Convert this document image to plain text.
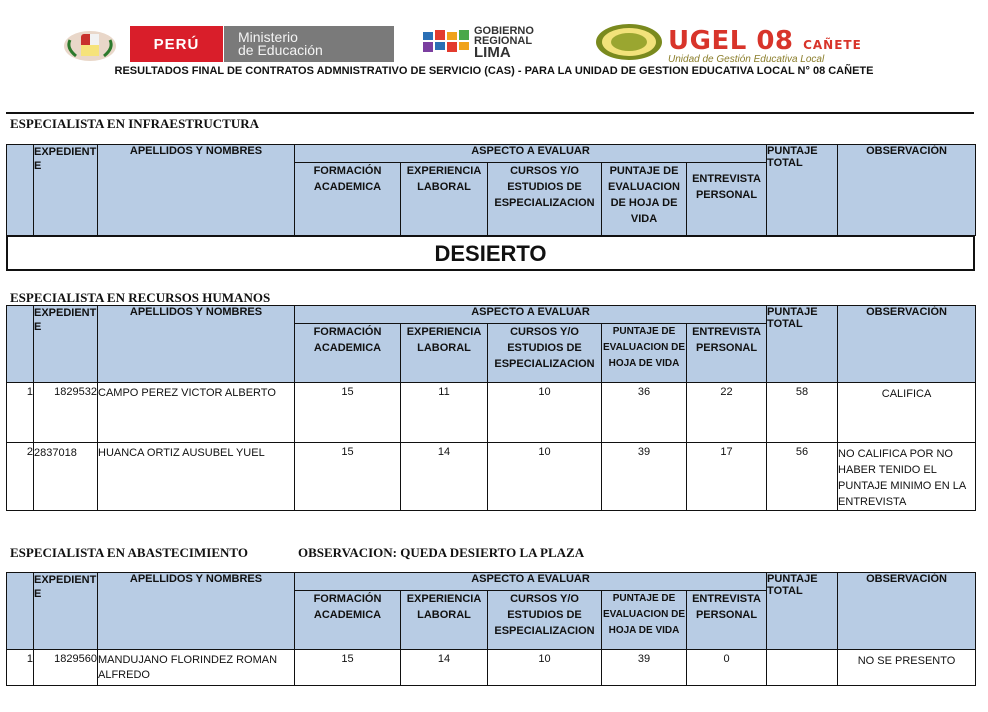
PERÚ	Ministerio
de Educación
GOBIERNO
REGIONAL
LIMA	UGEL 08 CAÑETE
Unidad de Gestión Educativa Local
RESULTADOS FINAL DE CONTRATOS ADMNISTRATIVO DE SERVICIO (CAS) - PARA LA UNIDAD DE GESTION EDUCATIVA LOCAL N° 08 CAÑETE
ESPECIALISTA EN INFRAESTRUCTURA
	EXPEDIENTE	APELLIDOS Y NOMBRES	ASPECTO A EVALUAR					PUNTAJE TOTAL	OBSERVACIÓN
			FORMACIÓN ACADEMICA	EXPERIENCIA LABORAL	CURSOS Y/O ESTUDIOS DE ESPECIALIZACION	PUNTAJE DE EVALUACION DE HOJA DE VIDA	ENTREVISTA PERSONAL		
DESIERTO
ESPECIALISTA EN RECURSOS HUMANOS
	EXPEDIENTE	APELLIDOS Y NOMBRES	ASPECTO A EVALUAR					PUNTAJE TOTAL	OBSERVACIÓN
			FORMACIÓN ACADEMICA	EXPERIENCIA LABORAL	CURSOS Y/O ESTUDIOS DE ESPECIALIZACION	PUNTAJE DE EVALUACION DE HOJA DE VIDA	ENTREVISTA PERSONAL		
1	1829532	CAMPO PEREZ VICTOR ALBERTO	15	11	10	36	22	58	CALIFICA
2	2837018	HUANCA ORTIZ AUSUBEL YUEL	15	14	10	39	17	56	NO CALIFICA POR NO HABER TENIDO EL PUNTAJE MINIMO EN LA ENTREVISTA
ESPECIALISTA EN ABASTECIMIENTO	OBSERVACION: QUEDA DESIERTO LA PLAZA
	EXPEDIENTE	APELLIDOS Y NOMBRES	ASPECTO A EVALUAR					PUNTAJE TOTAL	OBSERVACIÓN
			FORMACIÓN ACADEMICA	EXPERIENCIA LABORAL	CURSOS Y/O ESTUDIOS DE ESPECIALIZACION	PUNTAJE DE EVALUACION DE HOJA DE VIDA	ENTREVISTA PERSONAL		
1	1829560	MANDUJANO FLORINDEZ ROMAN ALFREDO	15	14	10	39	0		NO SE PRESENTO
